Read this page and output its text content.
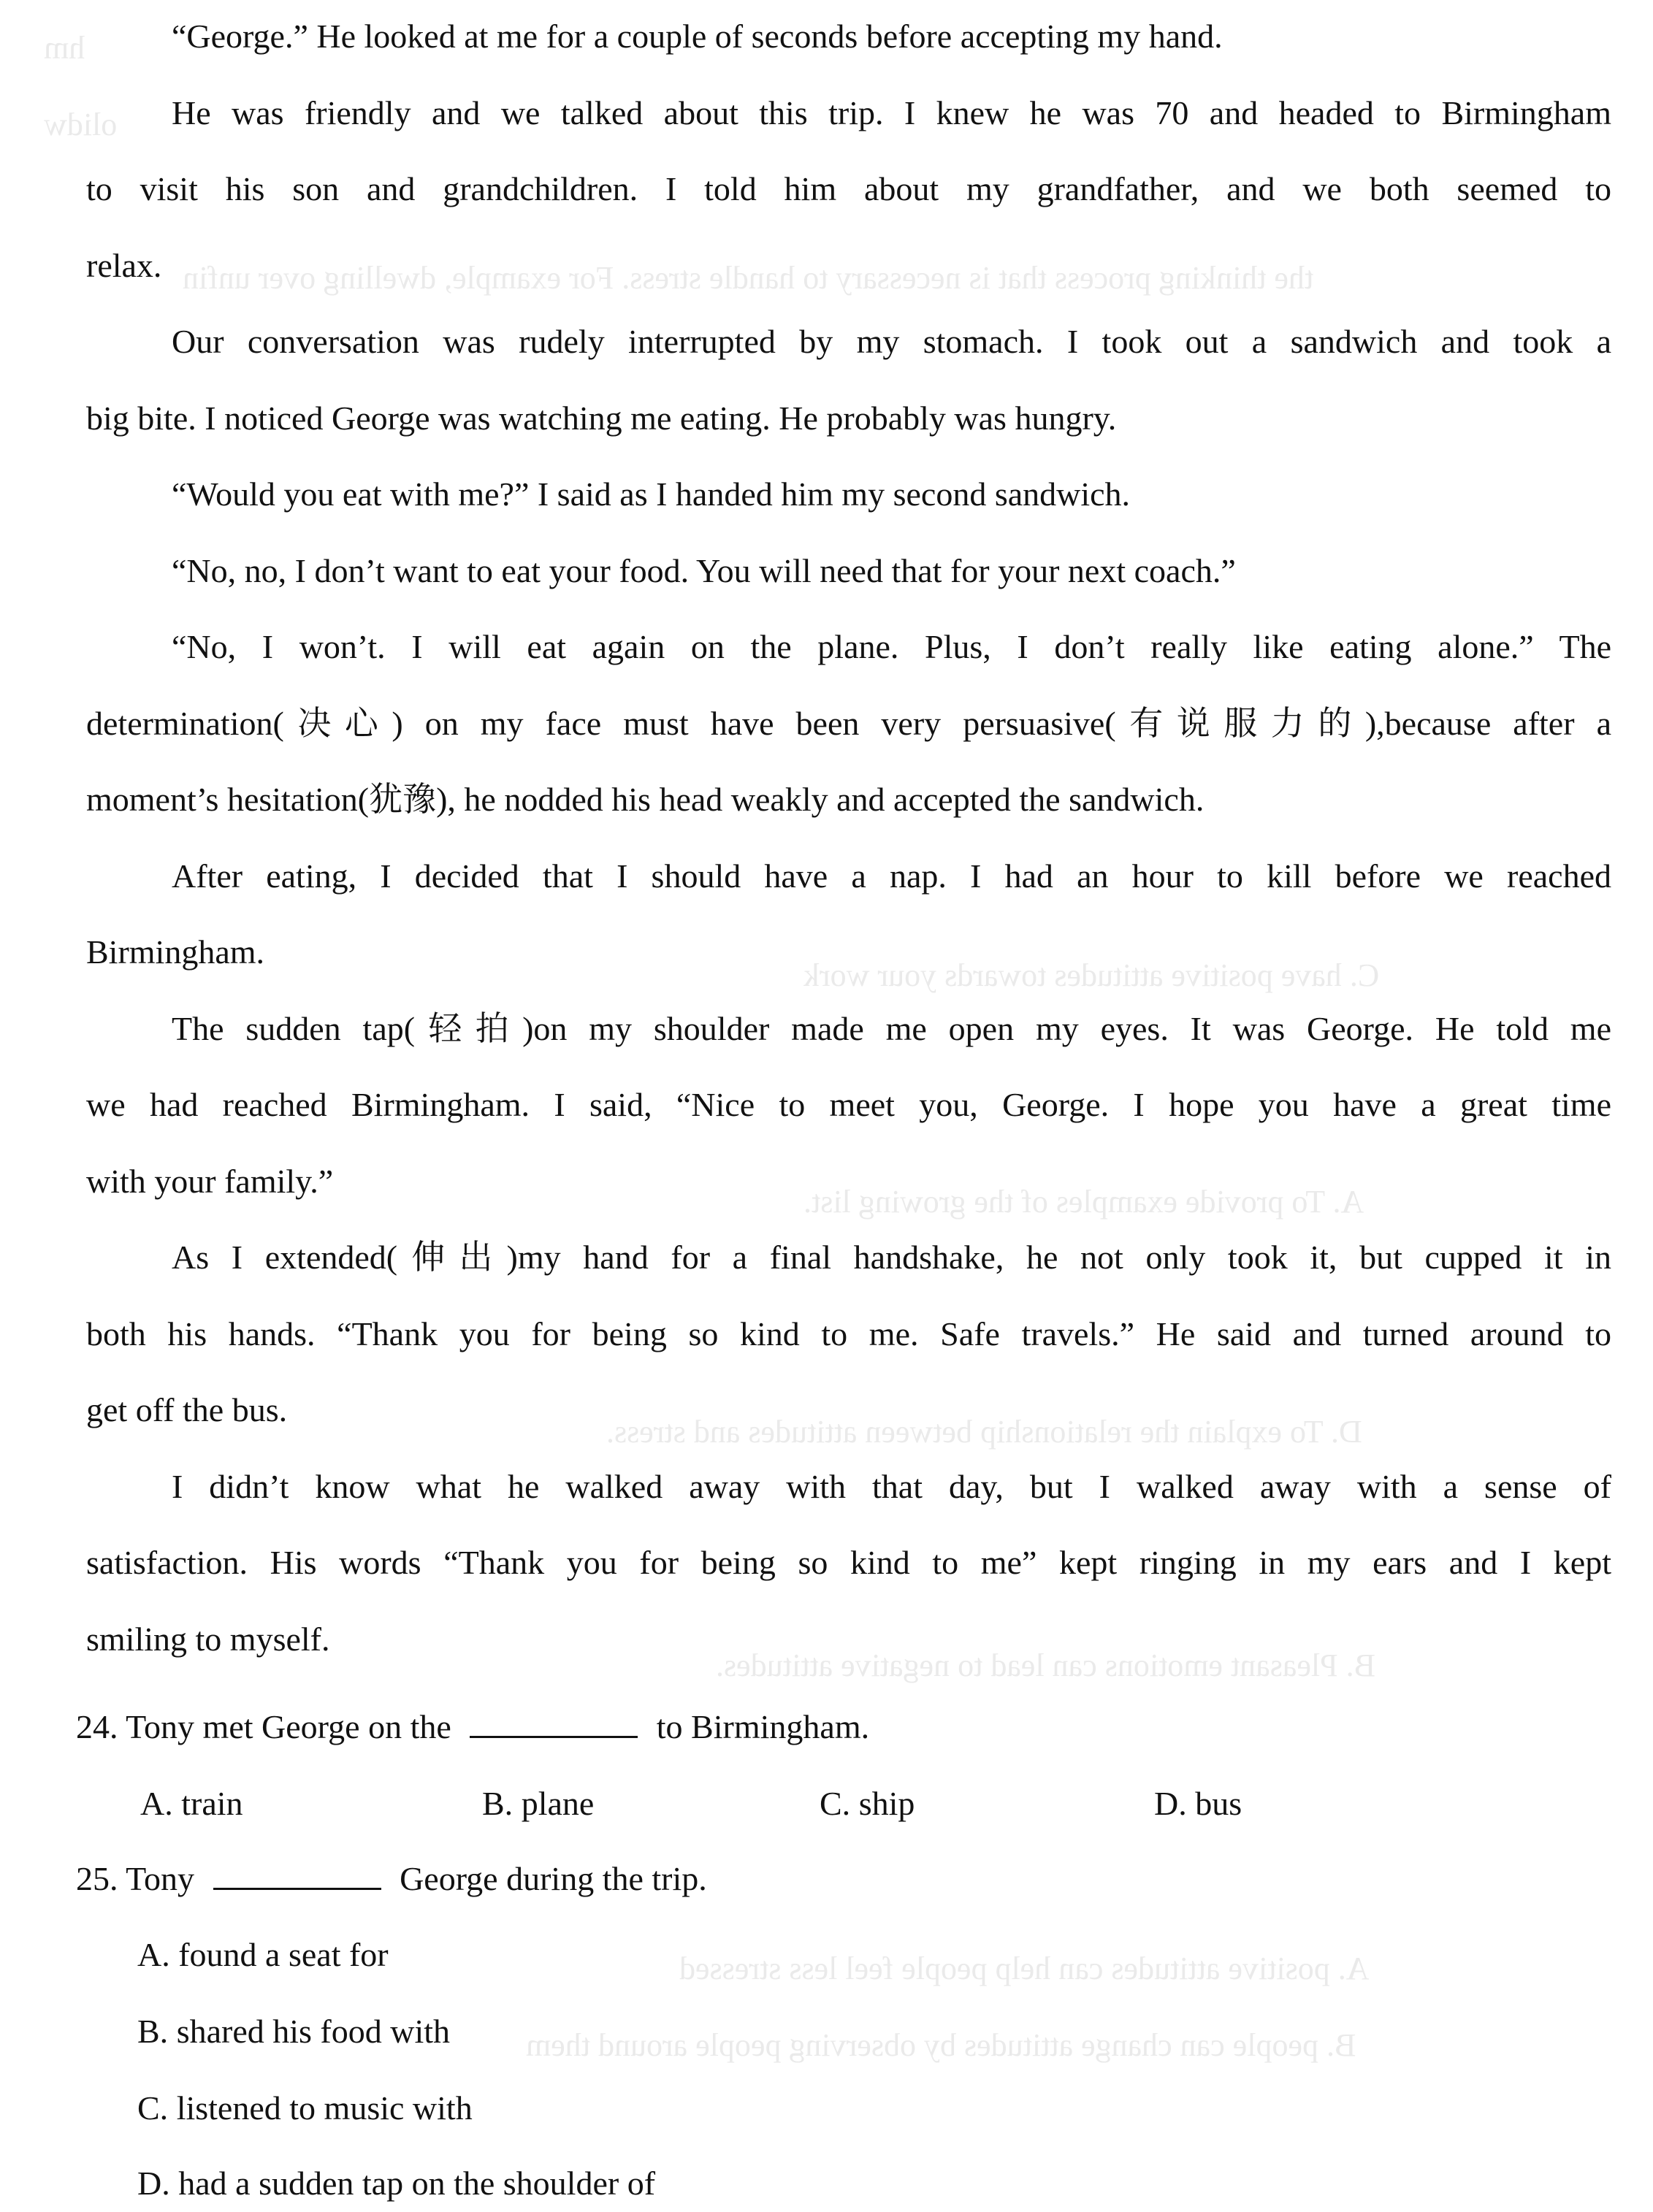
hm
olidw
the thinking process that is necessary to handle stress. For example, dwelling over unfin
C. have positive attitudes towards your work
A. To provide examples of the growing list.
D. To explain the relationship between attitudes and stress.
B. Pleasant emotions can lead to negative attitudes.
A. positive attitudes can help people feel less stressed
B. people can change attitudes by observing people around them
“George.” He looked at me for a couple of seconds before accepting my hand.
He was friendly and we talked about this trip. I knew he was 70 and headed to Birmingham
to visit his son and grandchildren. I told him about my grandfather, and we both seemed to
relax.
Our conversation was rudely interrupted by my stomach. I took out a sandwich and took a
big bite. I noticed George was watching me eating. He probably was hungry.
“Would you eat with me?” I said as I handed him my second sandwich.
“No, no, I don’t want to eat your food. You will need that for your next coach.”
“No, I won’t. I will eat again on the plane. Plus, I don’t really like eating alone.” The
determination(决心) on my face must have been very persuasive(有说服力的),because after a
moment’s hesitation(犹豫), he nodded his head weakly and accepted the sandwich.
After eating, I decided that I should have a nap. I had an hour to kill before we reached
Birmingham.
The sudden tap(轻拍)on my shoulder made me open my eyes. It was George. He told me
we had reached Birmingham. I said, “Nice to meet you, George. I hope you have a great time
with your family.”
As I extended(伸出)my hand for a final handshake, he not only took it, but cupped it in
both his hands. “Thank you for being so kind to me. Safe travels.” He said and turned around to
get off the bus.
I didn’t know what he walked away with that day, but I walked away with a sense of
satisfaction. His words “Thank you for being so kind to me” kept ringing in my ears and I kept
smiling to myself.
24. Tony met George on the	to Birmingham.
A. train	B. plane	C. ship	D. bus
25. Tony	George during the trip.
A. found a seat for
B. shared his food with
C. listened to music with
D. had a sudden tap on the shoulder of
